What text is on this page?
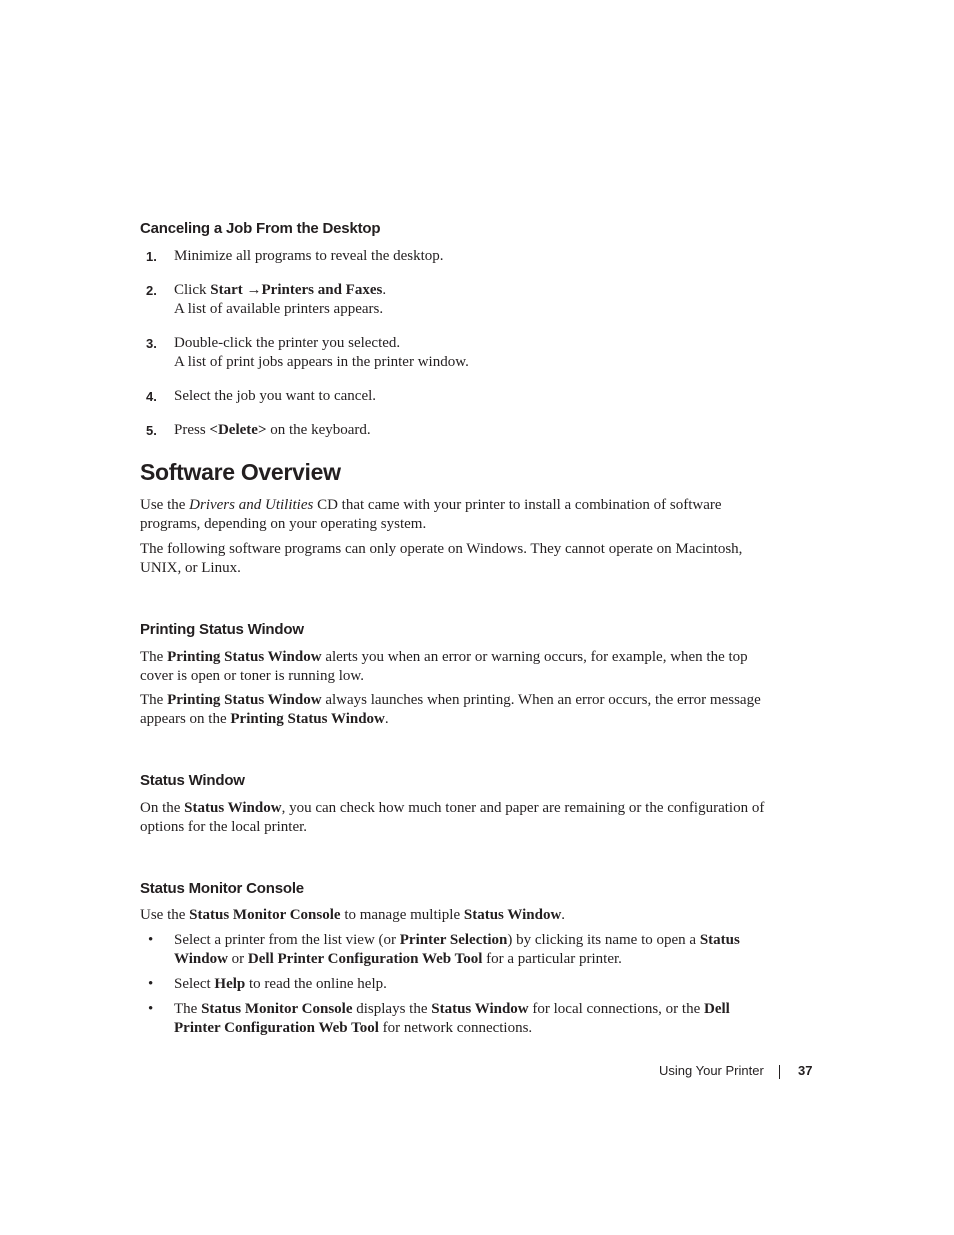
Canceling a Job From the Desktop
1. Minimize all programs to reveal the desktop.
2. Click Start →Printers and Faxes.
A list of available printers appears.
3. Double-click the printer you selected.
A list of print jobs appears in the printer window.
4. Select the job you want to cancel.
5. Press <Delete> on the keyboard.
Software Overview

Use the Drivers and Utilities CD that came with your printer to install a combination of software programs, depending on your operating system.

The following software programs can only operate on Windows. They cannot operate on Macintosh, UNIX, or Linux.

Printing Status Window

The Printing Status Window alerts you when an error or warning occurs, for example, when the top cover is open or toner is running low.

The Printing Status Window always launches when printing. When an error occurs, the error message appears on the Printing Status Window.

Status Window

On the Status Window, you can check how much toner and paper are remaining or the configuration of options for the local printer.

Status Monitor Console

Use the Status Monitor Console to manage multiple Status Window.

• Select a printer from the list view (or Printer Selection) by clicking its name to open a Status Window or Dell Printer Configuration Web Tool for a particular printer.
• Select Help to read the online help.
• The Status Monitor Console displays the Status Window for local connections, or the Dell Printer Configuration Web Tool for network connections.
Using Your Printer	37
